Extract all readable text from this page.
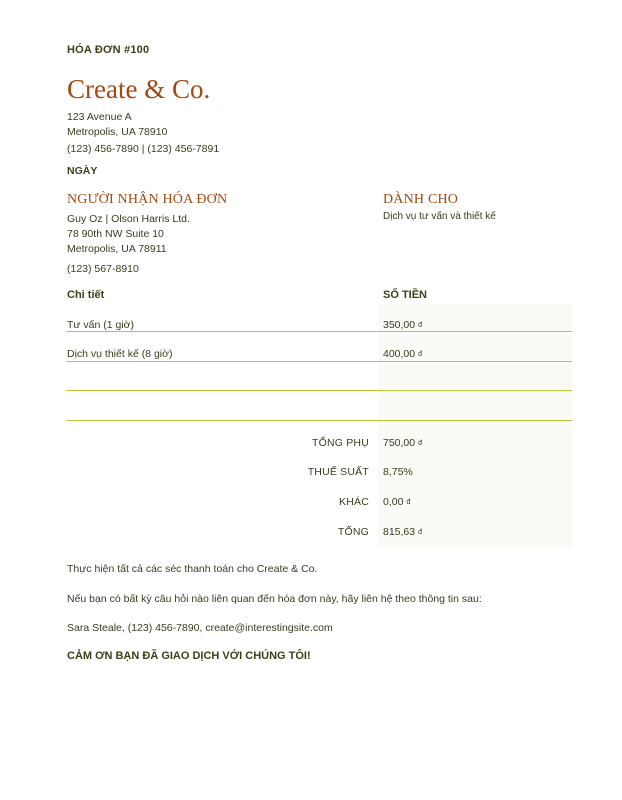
HÓA ĐƠN #100
Create & Co.
123 Avenue A
Metropolis, UA 78910
(123) 456-7890 | (123) 456-7891
NGÀY
NGƯỜI NHẬN HÓA ĐƠN	DÀNH CHO
Guy Oz | Olson Harris Ltd.
78 90th NW Suite 10
Metropolis, UA 78911
(123) 567-8910
Dịch vụ tư vấn và thiết kế
Chi tiết	SỐ TIỀN
Tư vấn (1 giờ)	350,00 đ
Dịch vụ thiết kế (8 giờ)	400,00 đ
TỔNG PHỤ 750,00 đ
THUẾ SUẤT 8,75%
KHÁC 0,00 đ
TỔNG 815,63 đ
Thực hiện tất cả các séc thanh toán cho Create & Co.
Nếu bạn có bất kỳ câu hỏi nào liên quan đến hóa đơn này, hãy liên hệ theo thông tin sau:
Sara Steale, (123) 456-7890, create@interestingsite.com
CẢM ƠN BẠN ĐÃ GIAO DỊCH VỚI CHÚNG TÔI!
